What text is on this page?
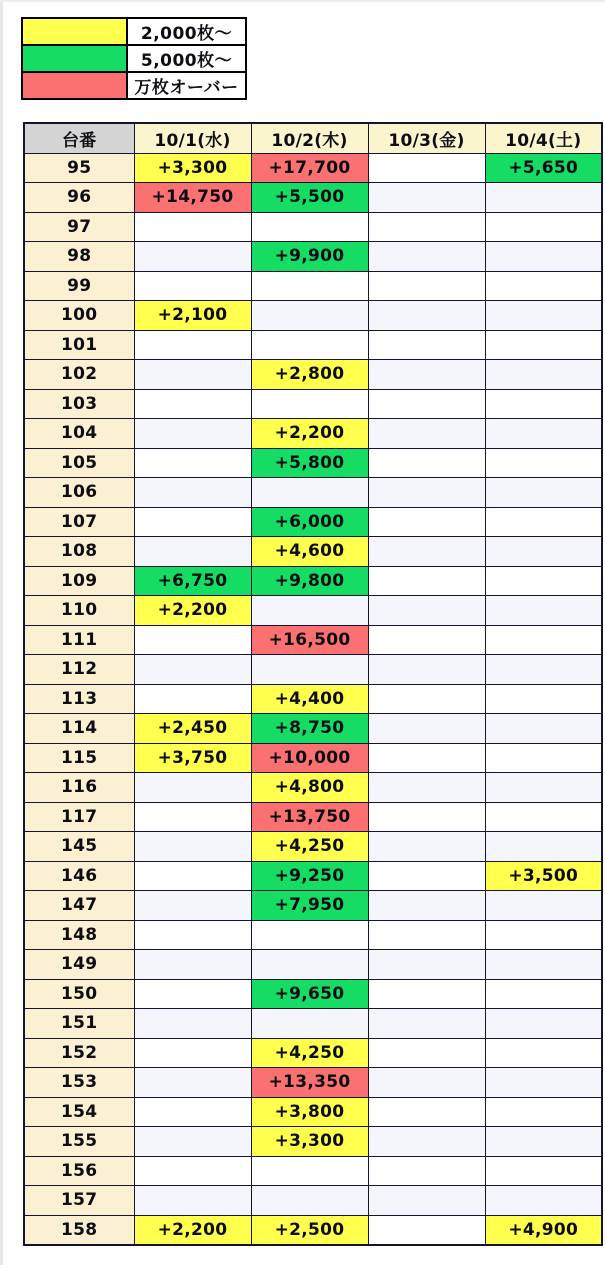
	2,000枚〜
	5,000枚〜
	万枚オーバー
台番	10/1(水)	10/2(木)	10/3(金)	10/4(土)
95	+3,300	+17,700		+5,650
96	+14,750	+5,500		
97				
98		+9,900		
99				
100	+2,100			
101				
102		+2,800		
103				
104		+2,200		
105		+5,800		
106				
107		+6,000		
108		+4,600		
109	+6,750	+9,800		
110	+2,200			
111		+16,500		
112				
113		+4,400		
114	+2,450	+8,750		
115	+3,750	+10,000		
116		+4,800		
117		+13,750		
145		+4,250		
146		+9,250		+3,500
147		+7,950		
148				
149				
150		+9,650		
151				
152		+4,250		
153		+13,350		
154		+3,800		
155		+3,300		
156				
157				
158	+2,200	+2,500		+4,900
